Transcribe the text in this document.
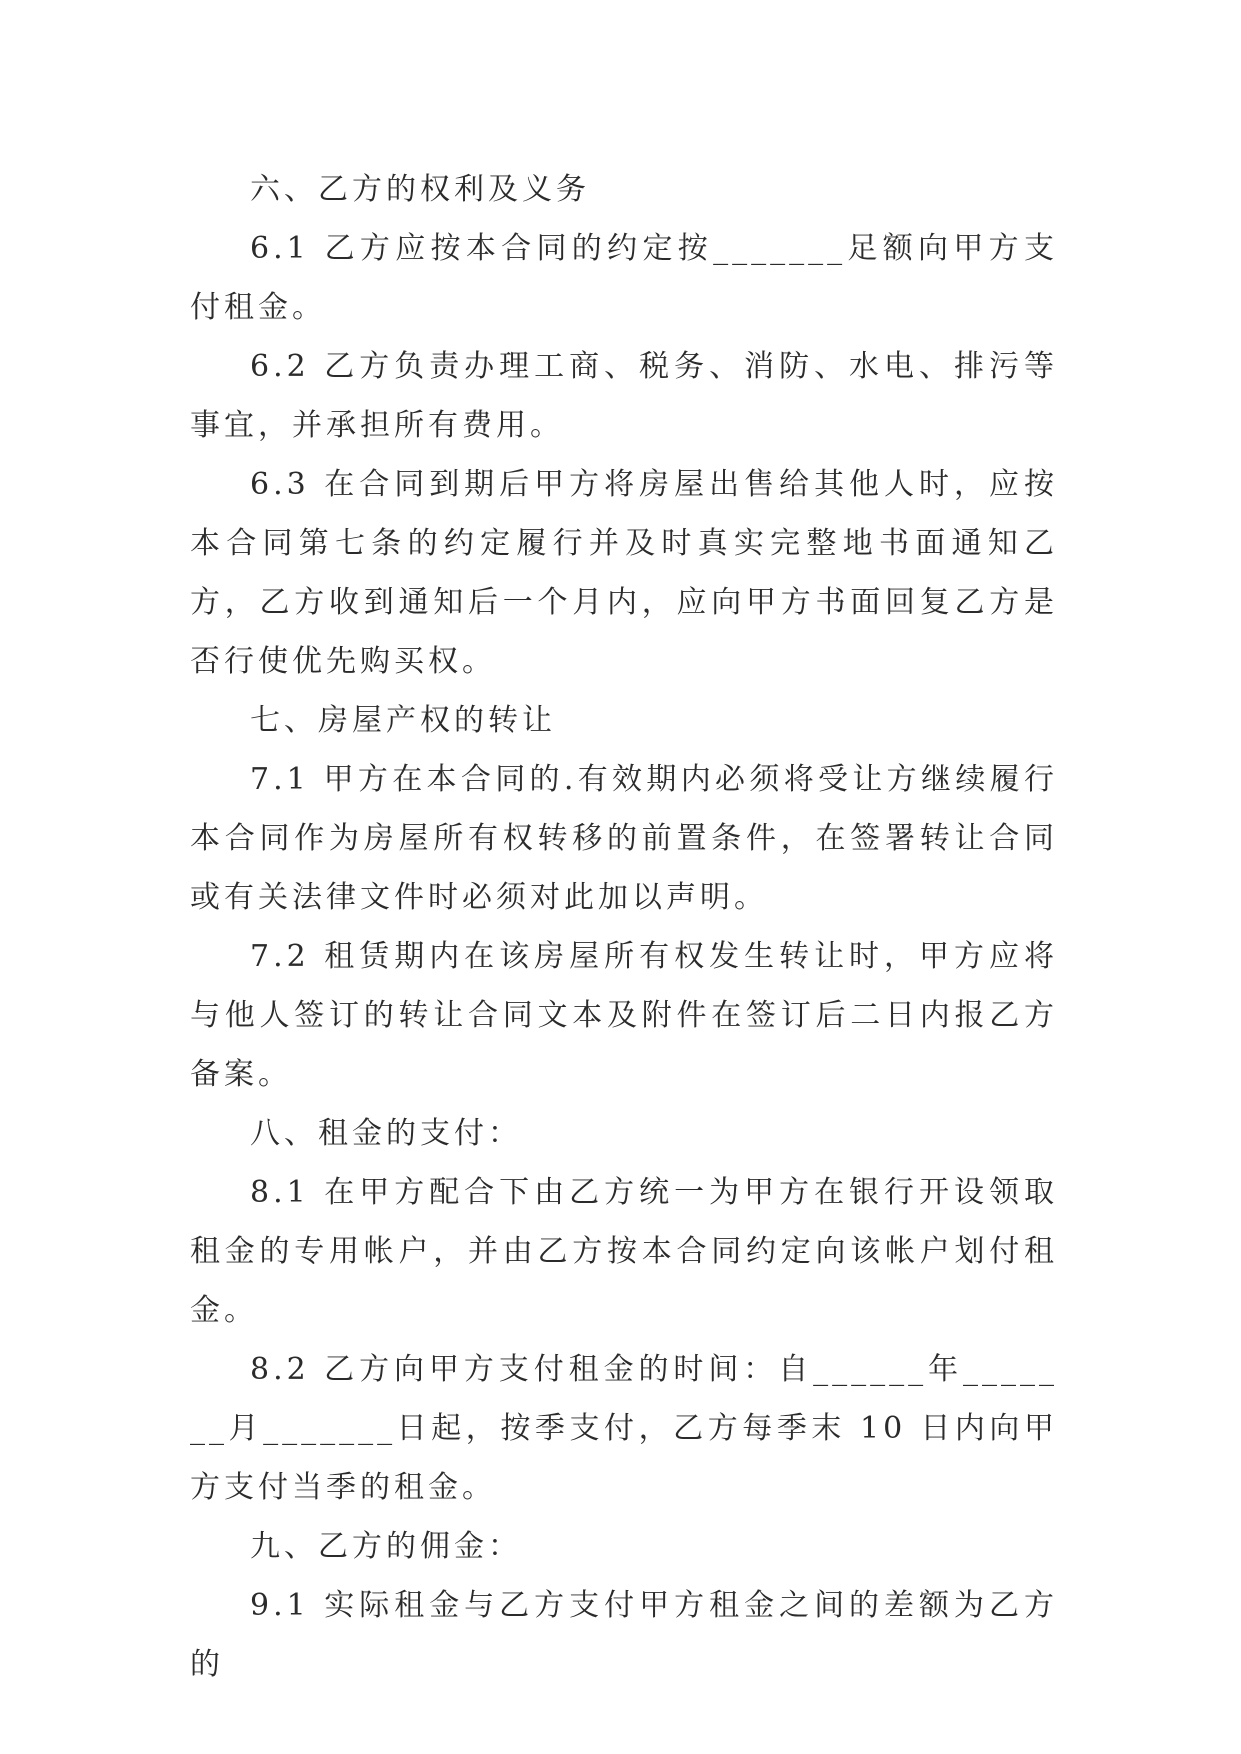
六、乙方的权利及义务

6.1 乙方应按本合同的约定按_______足额向甲方支付租金。

6.2 乙方负责办理工商、税务、消防、水电、排污等事宜，并承担所有费用。

6.3 在合同到期后甲方将房屋出售给其他人时，应按本合同第七条的约定履行并及时真实完整地书面通知乙方，乙方收到通知后一个月内，应向甲方书面回复乙方是否行使优先购买权。

七、房屋产权的转让

7.1 甲方在本合同的.有效期内必须将受让方继续履行本合同作为房屋所有权转移的前置条件，在签署转让合同或有关法律文件时必须对此加以声明。

7.2 租赁期内在该房屋所有权发生转让时，甲方应将与他人签订的转让合同文本及附件在签订后二日内报乙方备案。

八、租金的支付：

8.1 在甲方配合下由乙方统一为甲方在银行开设领取租金的专用帐户，并由乙方按本合同约定向该帐户划付租金。

8.2 乙方向甲方支付租金的时间：自______年_______月_______日起，按季支付，乙方每季末 10 日内向甲方支付当季的租金。

九、乙方的佣金：

9.1 实际租金与乙方支付甲方租金之间的差额为乙方的
